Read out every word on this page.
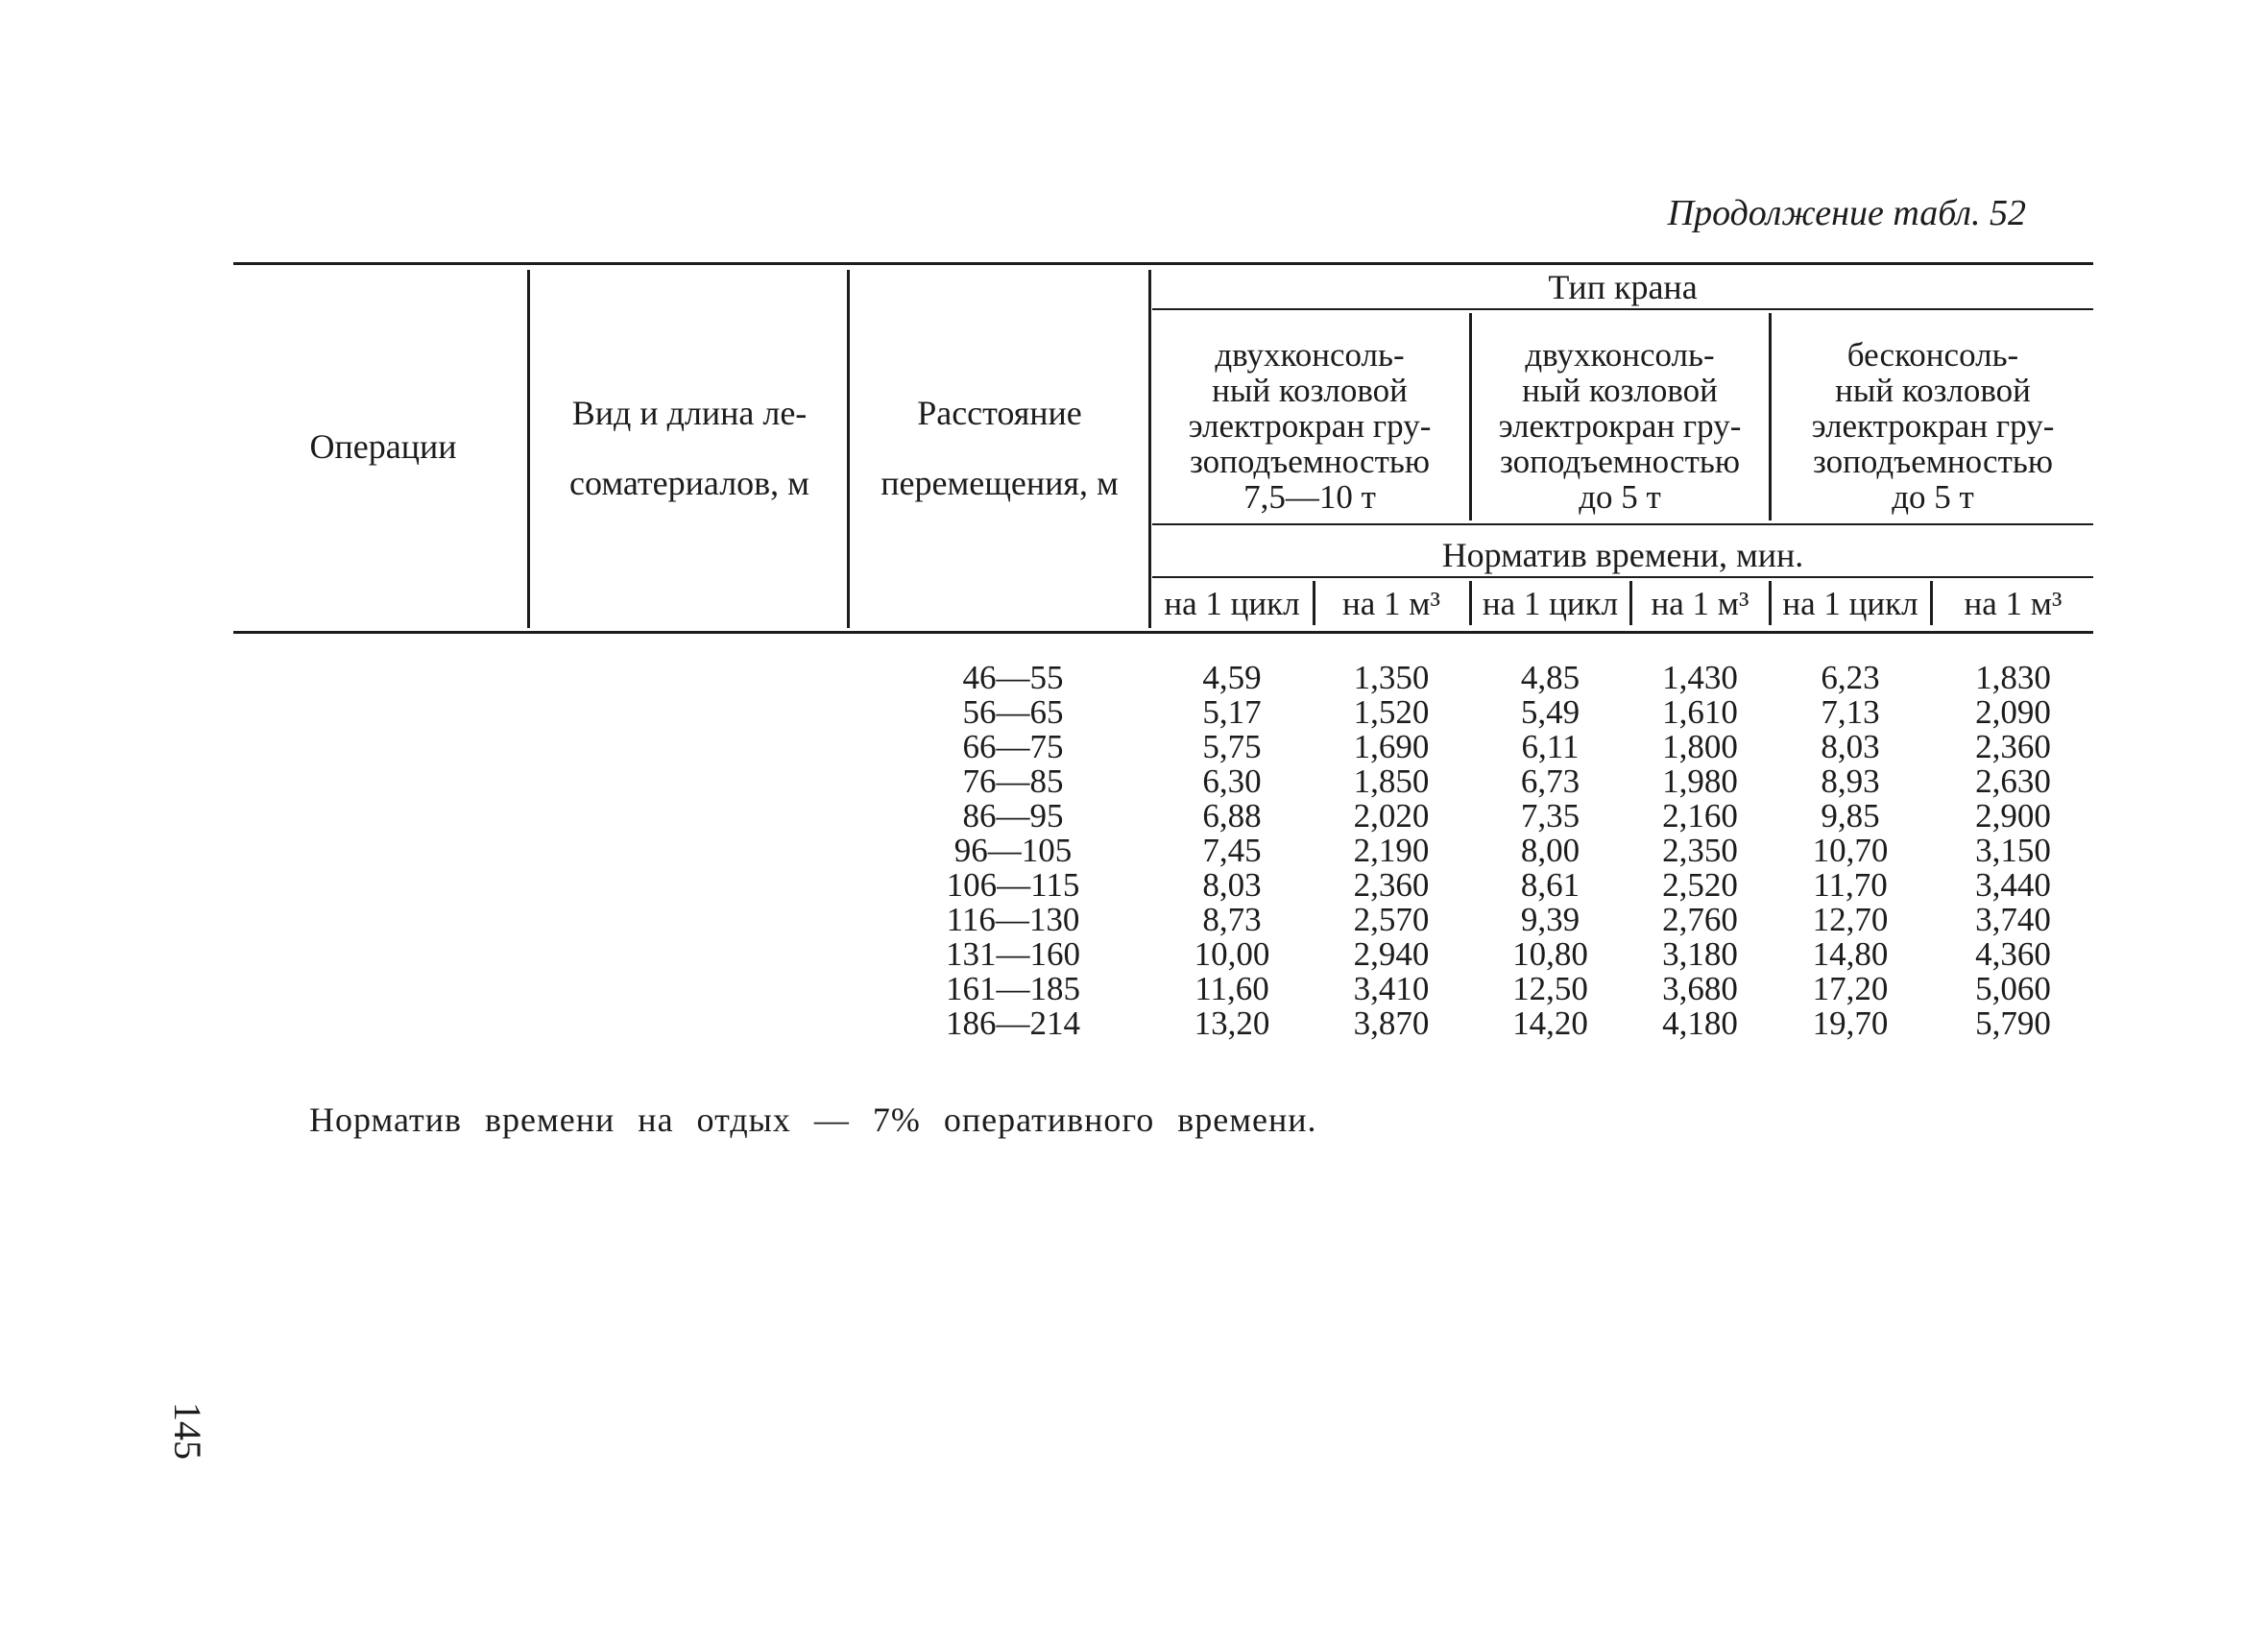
Продолжение табл. 52
Операции
Вид и длина ле-
соматериалов, м
Расстояние
перемещения, м
Тип крана
двухконсоль-
ный козловой
электрокран гру-
зоподъемностью
7,5—10 т
двухконсоль-
ный козловой
электрокран гру-
зоподъемностью
до 5 т
бесконсоль-
ный козловой
электрокран гру-
зоподъемностью
до 5 т
Норматив времени, мин.
на 1 цикл	на 1 м³	на 1 цикл на 1 м³ на 1 цикл	на 1 м³
46—55	4,59	1,350	4,85	1,430	6,23	1,830
56—65	5,17	1,520	5,49	1,610	7,13	2,090
66—75	5,75	1,690	6,11	1,800	8,03	2,360
76—85	6,30	1,850	6,73	1,980	8,93	2,630
86—95	6,88	2,020	7,35	2,160	9,85	2,900
96—105	7,45	2,190	8,00	2,350	10,70	3,150
106—115	8,03	2,360	8,61	2,520	11,70	3,440
116—130	8,73	2,570	9,39	2,760	12,70	3,740
131—160	10,00	2,940	10,80	3,180	14,80	4,360
161—185	11,60	3,410	12,50	3,680	17,20	5,060
186—214	13,20	3,870	14,20	4,180	19,70	5,790
Норматив времени на отдых — 7% оперативного времени.
145
